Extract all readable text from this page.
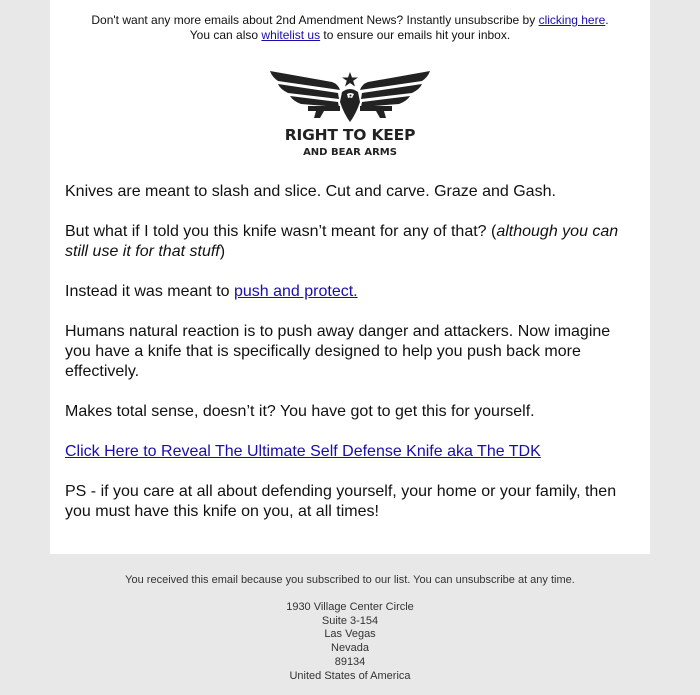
Don't want any more emails about 2nd Amendment News? Instantly unsubscribe by clicking here.
You can also whitelist us to ensure our emails hit your inbox.
RIGHT TO KEEP
AND BEAR ARMS

Knives are meant to slash and slice. Cut and carve. Graze and Gash.

But what if I told you this knife wasn’t meant for any of that? (although you can still use it for that stuff)

Instead it was meant to push and protect.

Humans natural reaction is to push away danger and attackers. Now imagine you have a knife that is specifically designed to help you push back more effectively.

Makes total sense, doesn’t it? You have got to get this for yourself.

Click Here to Reveal The Ultimate Self Defense Knife aka The TDK

PS - if you care at all about defending yourself, your home or your family, then you must have this knife on you, at all times!

You received this email because you subscribed to our list. You can unsubscribe at any time.
1930 Village Center Circle
Suite 3-154
Las Vegas
Nevada
89134
United States of America
